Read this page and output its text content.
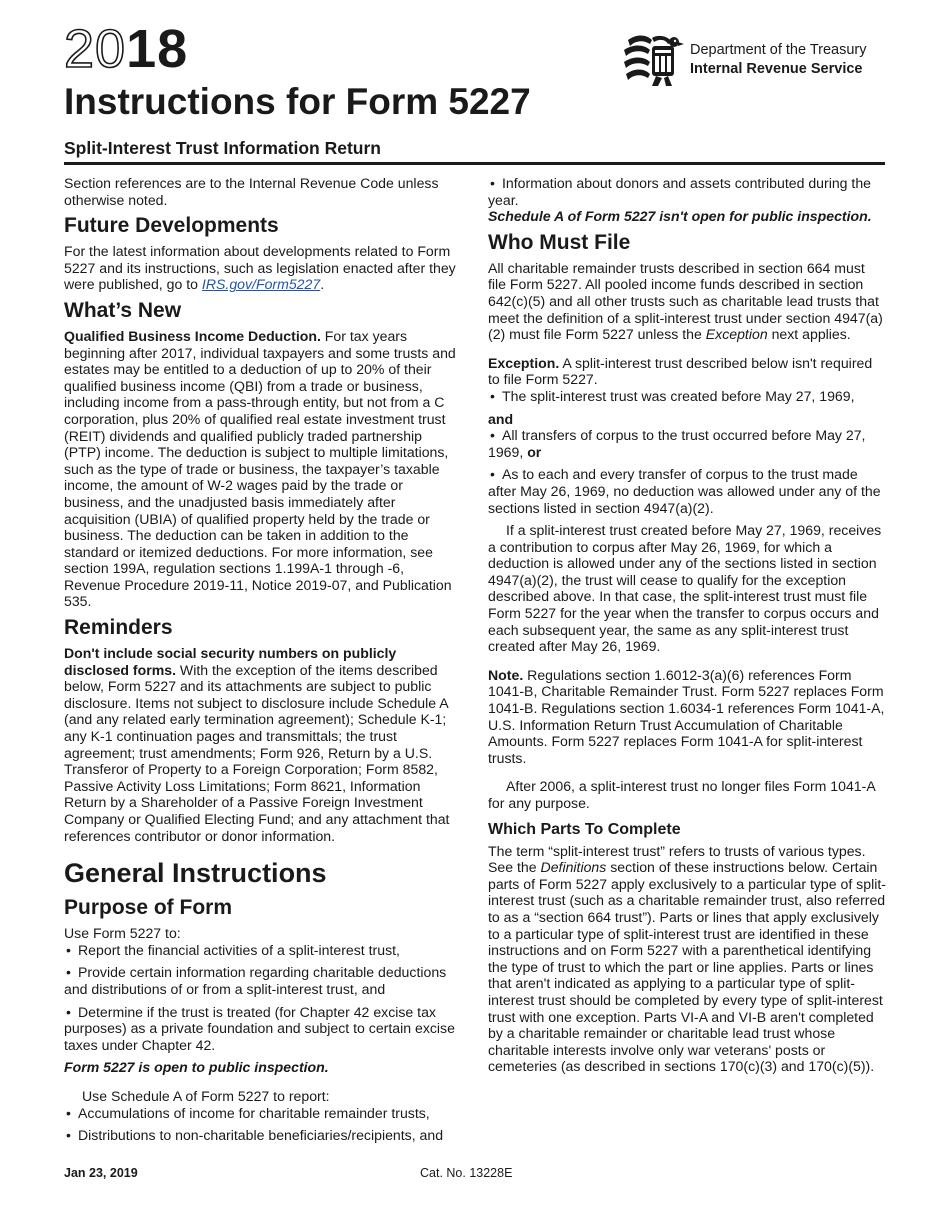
2018
Instructions for Form 5227
Split-Interest Trust Information Return
Department of the Treasury
Internal Revenue Service

Section references are to the Internal Revenue Code unless otherwise noted.

Future Developments

For the latest information about developments related to Form 5227 and its instructions, such as legislation enacted after they were published, go to IRS.gov/Form5227.

What’s New

Qualified Business Income Deduction. For tax years beginning after 2017, individual taxpayers and some trusts and estates may be entitled to a deduction of up to 20% of their qualified business income (QBI) from a trade or business, including income from a pass-through entity, but not from a C corporation, plus 20% of qualified real estate investment trust (REIT) dividends and qualified publicly traded partnership (PTP) income. The deduction is subject to multiple limitations, such as the type of trade or business, the taxpayer’s taxable income, the amount of W-2 wages paid by the trade or business, and the unadjusted basis immediately after acquisition (UBIA) of qualified property held by the trade or business. The deduction can be taken in addition to the standard or itemized deductions. For more information, see section 199A, regulation sections 1.199A-1 through -6, Revenue Procedure 2019-11, Notice 2019-07, and Publication 535.

Reminders

Don't include social security numbers on publicly disclosed forms. With the exception of the items described below, Form 5227 and its attachments are subject to public disclosure. Items not subject to disclosure include Schedule A (and any related early termination agreement); Schedule K-1; any K-1 continuation pages and transmittals; the trust agreement; trust amendments; Form 926, Return by a U.S. Transferor of Property to a Foreign Corporation; Form 8582, Passive Activity Loss Limitations; Form 8621, Information Return by a Shareholder of a Passive Foreign Investment Company or Qualified Electing Fund; and any attachment that references contributor or donor information.

General Instructions
Purpose of Form

Use Form 5227 to:

• Report the financial activities of a split-interest trust,

• Provide certain information regarding charitable deductions and distributions of or from a split-interest trust, and

• Determine if the trust is treated (for Chapter 42 excise tax purposes) as a private foundation and subject to certain excise taxes under Chapter 42.

Form 5227 is open to public inspection.

Use Schedule A of Form 5227 to report:

• Accumulations of income for charitable remainder trusts,

• Distributions to non-charitable beneficiaries/recipients, and

• Information about donors and assets contributed during the year.

Schedule A of Form 5227 isn't open for public inspection.

Who Must File

All charitable remainder trusts described in section 664 must file Form 5227. All pooled income funds described in section 642(c)(5) and all other trusts such as charitable lead trusts that meet the definition of a split-interest trust under section 4947(a)(2) must file Form 5227 unless the Exception next applies.

Exception. A split-interest trust described below isn't required to file Form 5227.

• The split-interest trust was created before May 27, 1969,

and

• All transfers of corpus to the trust occurred before May 27, 1969, or

• As to each and every transfer of corpus to the trust made after May 26, 1969, no deduction was allowed under any of the sections listed in section 4947(a)(2).

If a split-interest trust created before May 27, 1969, receives a contribution to corpus after May 26, 1969, for which a deduction is allowed under any of the sections listed in section 4947(a)(2), the trust will cease to qualify for the exception described above. In that case, the split-interest trust must file Form 5227 for the year when the transfer to corpus occurs and each subsequent year, the same as any split-interest trust created after May 26, 1969.

Note. Regulations section 1.6012-3(a)(6) references Form 1041-B, Charitable Remainder Trust. Form 5227 replaces Form 1041-B. Regulations section 1.6034-1 references Form 1041-A, U.S. Information Return Trust Accumulation of Charitable Amounts. Form 5227 replaces Form 1041-A for split-interest trusts.

After 2006, a split-interest trust no longer files Form 1041-A for any purpose.

Which Parts To Complete

The term “split-interest trust” refers to trusts of various types. See the Definitions section of these instructions below. Certain parts of Form 5227 apply exclusively to a particular type of split-interest trust (such as a charitable remainder trust, also referred to as a “section 664 trust”). Parts or lines that apply exclusively to a particular type of split-interest trust are identified in these instructions and on Form 5227 with a parenthetical identifying the type of trust to which the part or line applies. Parts or lines that aren't indicated as applying to a particular type of split-interest trust should be completed by every type of split-interest trust with one exception. Parts VI-A and VI-B aren't completed by a charitable remainder or charitable lead trust whose charitable interests involve only war veterans' posts or cemeteries (as described in sections 170(c)(3) and 170(c)(5)).

Jan 23, 2019	Cat. No. 13228E
